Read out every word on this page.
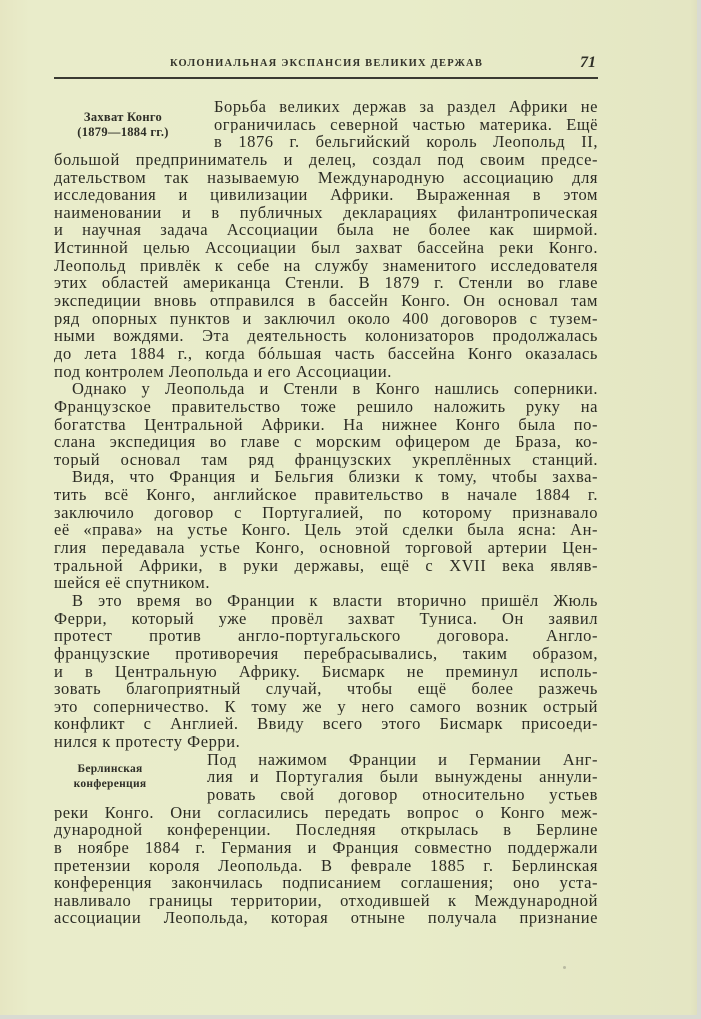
КОЛОНИАЛЬНАЯ ЭКСПАНСИЯ ВЕЛИКИХ ДЕРЖАВ	71
Захват Конго
(1879—1884 гг.)
Берлинская
конференция
Борьба великих держав за раздел Африки не
ограничилась северной частью материка. Ещё
в 1876 г. бельгийский король Леопольд II,
большой предприниматель и делец, создал под своим предсе-
дательством так называемую Международную ассоциацию для
исследования и цивилизации Африки. Выраженная в этом
наименовании и в публичных декларациях филантропическая
и научная задача Ассоциации была не более как ширмой.
Истинной целью Ассоциации был захват бассейна реки Конго.
Леопольд привлёк к себе на службу знаменитого исследователя
этих областей американца Стенли. В 1879 г. Стенли во главе
экспедиции вновь отправился в бассейн Конго. Он основал там
ряд опорных пунктов и заключил около 400 договоров с тузем-
ными вождями. Эта деятельность колонизаторов продолжалась
до лета 1884 г., когда бóльшая часть бассейна Конго оказалась
под контролем Леопольда и его Ассоциации.
Однако у Леопольда и Стенли в Конго нашлись соперники.
Французское правительство тоже решило наложить руку на
богатства Центральной Африки. На нижнее Конго была по-
слана экспедиция во главе с морским офицером де Браза, ко-
торый основал там ряд французских укреплённых станций.
Видя, что Франция и Бельгия близки к тому, чтобы захва-
тить всё Конго, английское правительство в начале 1884 г.
заключило договор с Португалией, по которому признавало
её «права» на устье Конго. Цель этой сделки была ясна: Ан-
глия передавала устье Конго, основной торговой артерии Цен-
тральной Африки, в руки державы, ещё с XVII века являв-
шейся её спутником.
В это время во Франции к власти вторично пришёл Жюль
Ферри, который уже провёл захват Туниса. Он заявил
протест против англо-португальского договора. Англо-
французские противоречия перебрасывались, таким образом,
и в Центральную Африку. Бисмарк не преминул исполь-
зовать благоприятный случай, чтобы ещё более разжечь
это соперничество. К тому же у него самого возник острый
конфликт с Англией. Ввиду всего этого Бисмарк присоеди-
нился к протесту Ферри.
Под нажимом Франции и Германии Анг-
лия и Португалия были вынуждены аннули-
ровать свой договор относительно устьев
реки Конго. Они согласились передать вопрос о Конго меж-
дународной конференции. Последняя открылась в Берлине
в ноябре 1884 г. Германия и Франция совместно поддержали
претензии короля Леопольда. В феврале 1885 г. Берлинская
конференция закончилась подписанием соглашения; оно уста-
навливало границы территории, отходившей к Международной
ассоциации Леопольда, которая отныне получала признание
